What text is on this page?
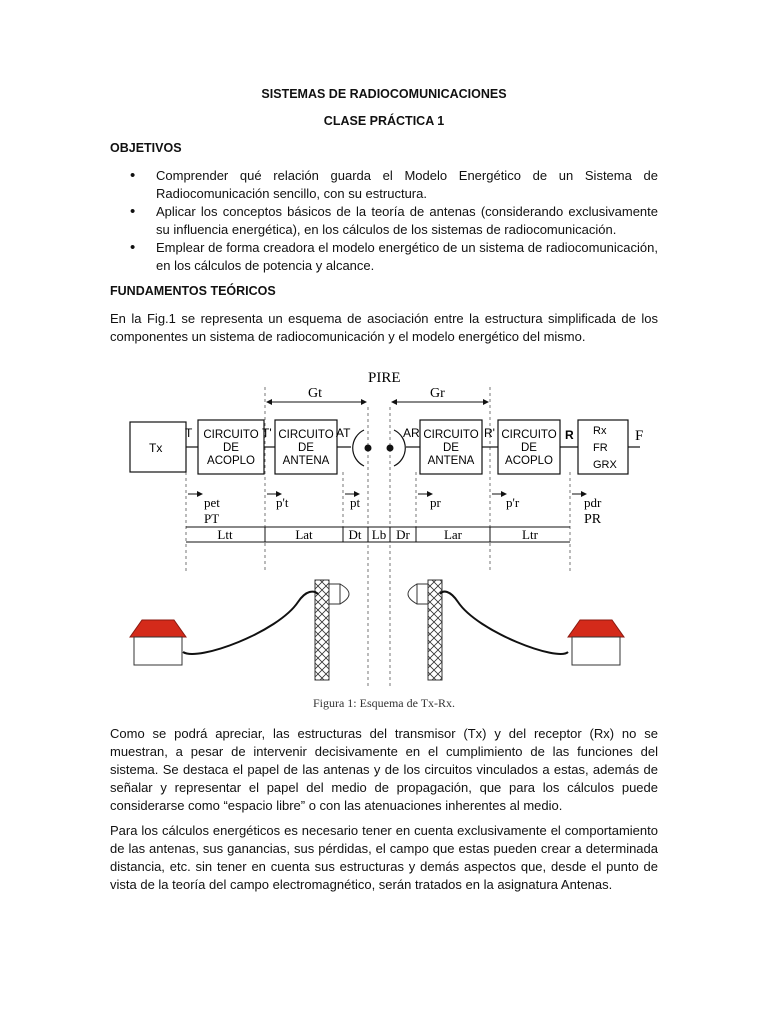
SISTEMAS DE RADIOCOMUNICACIONES
CLASE PRÁCTICA 1
OBJETIVOS
• Comprender qué relación guarda el Modelo Energético de un Sistema de Radiocomunicación sencillo, con su estructura.
• Aplicar los conceptos básicos de la teoría de antenas (considerando exclusivamente su influencia energética), en los cálculos de los sistemas de radiocomunicación.
• Emplear de forma creadora el modelo energético de un sistema de radiocomunicación, en los cálculos de potencia y alcance.
FUNDAMENTOS TEÓRICOS
En la Fig.1 se representa un esquema de asociación entre la estructura simplificada de los componentes un sistema de radiocomunicación y el modelo energético del mismo.
PIRE
Gt	Gr
Tx
T CIRCUITO
DE
ACOPLO
T' CIRCUITO
DE
ANTENA
AT	AR CIRCUITO
DE
ANTENA
R' CIRCUITO
DE
ACOPLO
R Rx
FR
GRX
F
pet
PT
p't	pt	pr	p'r	pdr
PR
Ltt	Lat	Dt Lb Dr	Lar	Ltr
Figura 1: Esquema de Tx-Rx.
Como se podrá apreciar, las estructuras del transmisor (Tx) y del receptor (Rx) no se muestran, a pesar de intervenir decisivamente en el cumplimiento de las funciones del sistema. Se destaca el papel de las antenas y de los circuitos vinculados a estas, además de señalar y representar el papel del medio de propagación, que para los cálculos puede considerarse como “espacio libre” o con las atenuaciones inherentes al medio.
Para los cálculos energéticos es necesario tener en cuenta exclusivamente el comportamiento de las antenas, sus ganancias, sus pérdidas, el campo que estas pueden crear a determinada distancia, etc. sin tener en cuenta sus estructuras y demás aspectos que, desde el punto de vista de la teoría del campo electromagnético, serán tratados en la asignatura Antenas.
